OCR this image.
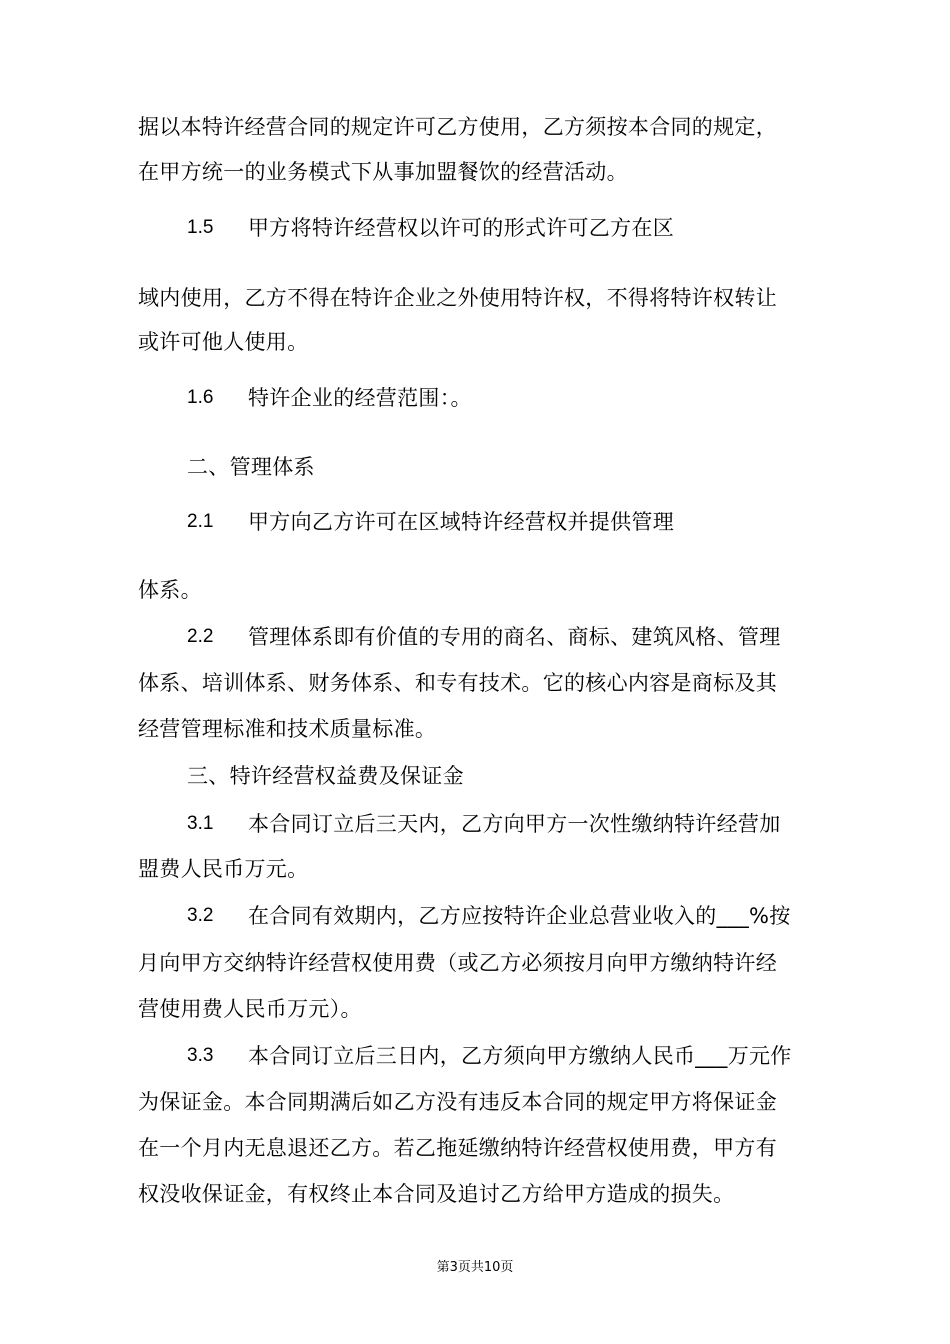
据以本特许经营合同的规定许可乙方使用，乙方须按本合同的规定，
在甲方统一的业务模式下从事加盟餐饮的经营活动。
1.5 甲方将特许经营权以许可的形式许可乙方在区
域内使用，乙方不得在特许企业之外使用特许权，不得将特许权转让
或许可他人使用。
1.6 特许企业的经营范围：。
二、管理体系
2.1 甲方向乙方许可在区域特许经营权并提供管理
体系。
2.2 管理体系即有价值的专用的商名、商标、建筑风格、管理
体系、培训体系、财务体系、和专有技术。它的核心内容是商标及其
经营管理标准和技术质量标准。
三、特许经营权益费及保证金
3.1 本合同订立后三天内，乙方向甲方一次性缴纳特许经营加
盟费人民币万元。
3.2 在合同有效期内，乙方应按特许企业总营业收入的___%按
月向甲方交纳特许经营权使用费（或乙方必须按月向甲方缴纳特许经
营使用费人民币万元）。
3.3 本合同订立后三日内，乙方须向甲方缴纳人民币___万元作
为保证金。本合同期满后如乙方没有违反本合同的规定甲方将保证金
在一个月内无息退还乙方。若乙拖延缴纳特许经营权使用费，甲方有
权没收保证金，有权终止本合同及追讨乙方给甲方造成的损失。
第3页共10页
